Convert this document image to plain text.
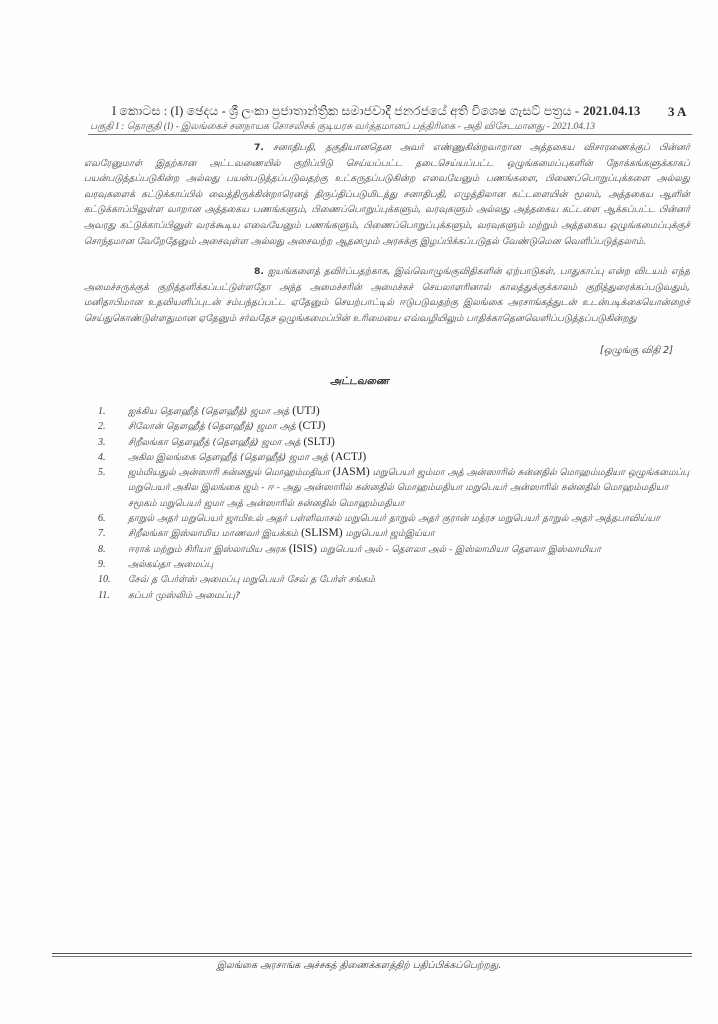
I කොටස : (I) ඡෙදය - ශ්‍රී ලංකා ප්‍රජාතාන්ත්‍රික සමාජවාදී ජනරජයේ අති විශෙෂ ගැසට් පත්‍රය - 2021.04.13	3 A
பகுதி I : தொகுதி (I) - இலங்கைச் சனநாயக சோசலிசக் குடியரசு வர்த்தமானப் பத்திரிகை - அதி விசேடமானது - 2021.04.13
7. சனாதிபதி, தகுதியானதென அவர் எண்ணுகின்றவாறான அத்தகைய விசாரணைக்குப் பின்னர் எவரேனுமாள் இதற்கான அட்டவணையில் குறிப்பிடு செய்யப்பட்ட தடைசெய்யப்பட்ட ஒழுங்கமைப்புகளின் நோக்கங்களுக்காகப் பயன்படுத்தப்படுகின்ற அல்லது பயன்படுத்தப்படுவதற்கு உட்கருதப்படுகின்ற எவையேனும் பணங்களை, பிணைப்பொறுப்புக்களை அல்லது வரவுகளைக் கட்டுக்காப்பில் வைத்திருக்கின்றாரெனத் திருப்திப்படுமிடத்து சனாதிபதி, எழுத்திலான கட்டளையின் மூலம், அத்தகைய ஆளின் கட்டுக்காப்பிலுள்ள வாறான அத்தகைய பணங்களும், பிணைப்பொறுப்புக்களும், வரவுகளும் அல்லது அத்தகைய கட்டளை ஆக்கப்பட்ட பின்னர் அவரது கட்டுக்காப்பினுள் வரக்கூடிய எவையேனும் பணங்களும், பிணைப்பொறுப்புக்களும், வரவுகளும் மற்றும் அத்தகைய ஒழுங்கமைப்புக்குச் சொந்தமான வேறேதேனும் அசைவுள்ள அல்லது அசைவற்ற ஆதனமும் அரசுக்கு இழப்பிக்கப்படுதல் வேண்டுமென வெளிப்படுத்தலாம்.
8. ஐயங்களைத் தவிர்ப்பதற்காக, இவ்வொழுங்குவிதிகளின் ஏற்பாடுகள், பாதுகாப்பு என்ற விடயம் எந்த அமைச்சருக்குக் குறித்தளிக்கப்பட்டுள்ளதோ அந்த அமைச்சரின் அமைச்சுச் செயலாளரினால் காலத்துக்குக்காலம் குறித்துரைக்கப்படுவதும், மனிதாபிமான உதவியளிப்புடன் சம்பந்தப்பட்ட ஏதேனும் செயற்பாட்டில் ஈடுபடுவதற்கு இலங்கை அரசாங்கத்துடன் உடன்படிக்கையொன்றைச் செய்துகொண்டுள்ளதுமான ஏதேனும் சர்வதேச ஒழுங்கமைப்பின் உரிமையை எவ்வழியிலும் பாதிக்காதெனவெளிப்படுத்தப்படுகின்றது
[ஒழுங்கு விதி 2]
அட்டவணை
1.	ஐக்கிய தௌஹீத் (தௌஹீத்) ஜமா அத் (UTJ)
2.	சிலோன் தௌஹீத் (தௌஹீத்) ஜமா அத் (CTJ)
3.	சிறீலங்கா தௌஹீத் (தௌஹீத்) ஜமா அத் (SLTJ)
4.	அகில இலங்கை தௌஹீத் (தௌஹீத்) ஜமா அத் (ACTJ)
5.	ஜம்மியதுல் அன்ஸாரி சுன்னதுல் மொஹம்மதியா (JASM) மறுபெயர் ஜம்மா அத் அன்ஸாரில் சுன்னதில் மொஹம்மதியா ஒழுங்கமைப்பு மறுபெயர் அகில இலங்கை ஜம் - ஈ - அது அன்ஸாரில் சுன்னதில் மொஹம்மதியா மறுபெயர் அன்ஸாரில் சுன்னதில் மொஹம்மதியா சமூகம் மறுபெயர் ஜமா அத் அன்ஸாரில் சுன்னதில் மொஹம்மதியா
6.	தாறுல் அதர் மறுபெயர் ஜாமிஉல் அதர் பள்ளிவாசல் மறுபெயர் தாறுல் அதர் குரான் மத்ரச மறுபெயர் தாறுல் அதர் அத்தபாவிய்யா
7.	சிறீலங்கா இஸ்லாமிய மாணவர் இயக்கம் (SLISM) மறுபெயர் ஜம்இய்யா
8.	ஈராக் மற்றும் சிரியா இஸ்லாமிய அரசு (ISIS) மறுபெயர் அல் - தௌலா அல் - இஸ்லாமியா தௌலா இஸ்லாமியா
9.	அல்கய்தா அமைப்பு
10.	சேவ் த பேர்ள்ஸ் அமைப்பு மறுபெயர் சேவ் த பேர்ள் சங்கம்
11.	சுப்பர் முஸ்லிம் அமைப்பு?
இலங்கை அரசாங்க அச்சகத் திணைக்களத்திற் பதிப்பிக்கப்பெற்றது.
